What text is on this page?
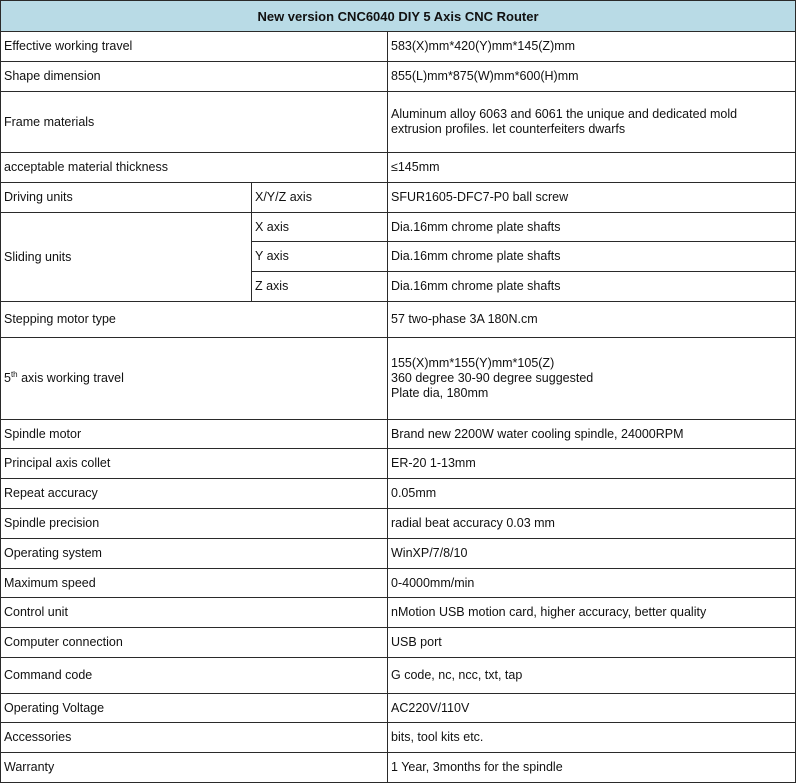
New version CNC6040 DIY 5 Axis CNC Router		
Effective working travel		583(X)mm*420(Y)mm*145(Z)mm
Shape dimension		855(L)mm*875(W)mm*600(H)mm
Frame materials		Aluminum alloy 6063 and 6061 the unique and dedicated mold
extrusion profiles. let counterfeiters dwarfs

acceptable material thickness		≤145mm
Driving units	X/Y/Z axis	SFUR1605-DFC7-P0 ball screw
Sliding units	X axis	Dia.16mm chrome plate shafts
	Y axis	Dia.16mm chrome plate shafts
	Z axis	Dia.16mm chrome plate shafts
Stepping motor type		57 two-phase 3A 180N.cm
5th axis working travel		155(X)mm*155(Y)mm*105(Z)
360 degree 30-90 degree suggested
Plate dia, 180mm

Spindle motor		Brand new 2200W water cooling spindle, 24000RPM
Principal axis collet		ER-20 1-13mm
Repeat accuracy		0.05mm
Spindle precision		radial beat accuracy 0.03 mm
Operating system		WinXP/7/8/10
Maximum speed		0-4000mm/min
Control unit		nMotion USB motion card, higher accuracy, better quality
Computer connection		USB port
Command code		G code, nc, ncc, txt, tap
Operating Voltage		AC220V/110V
Accessories		bits, tool kits etc.
Warranty		1 Year, 3months for the spindle
